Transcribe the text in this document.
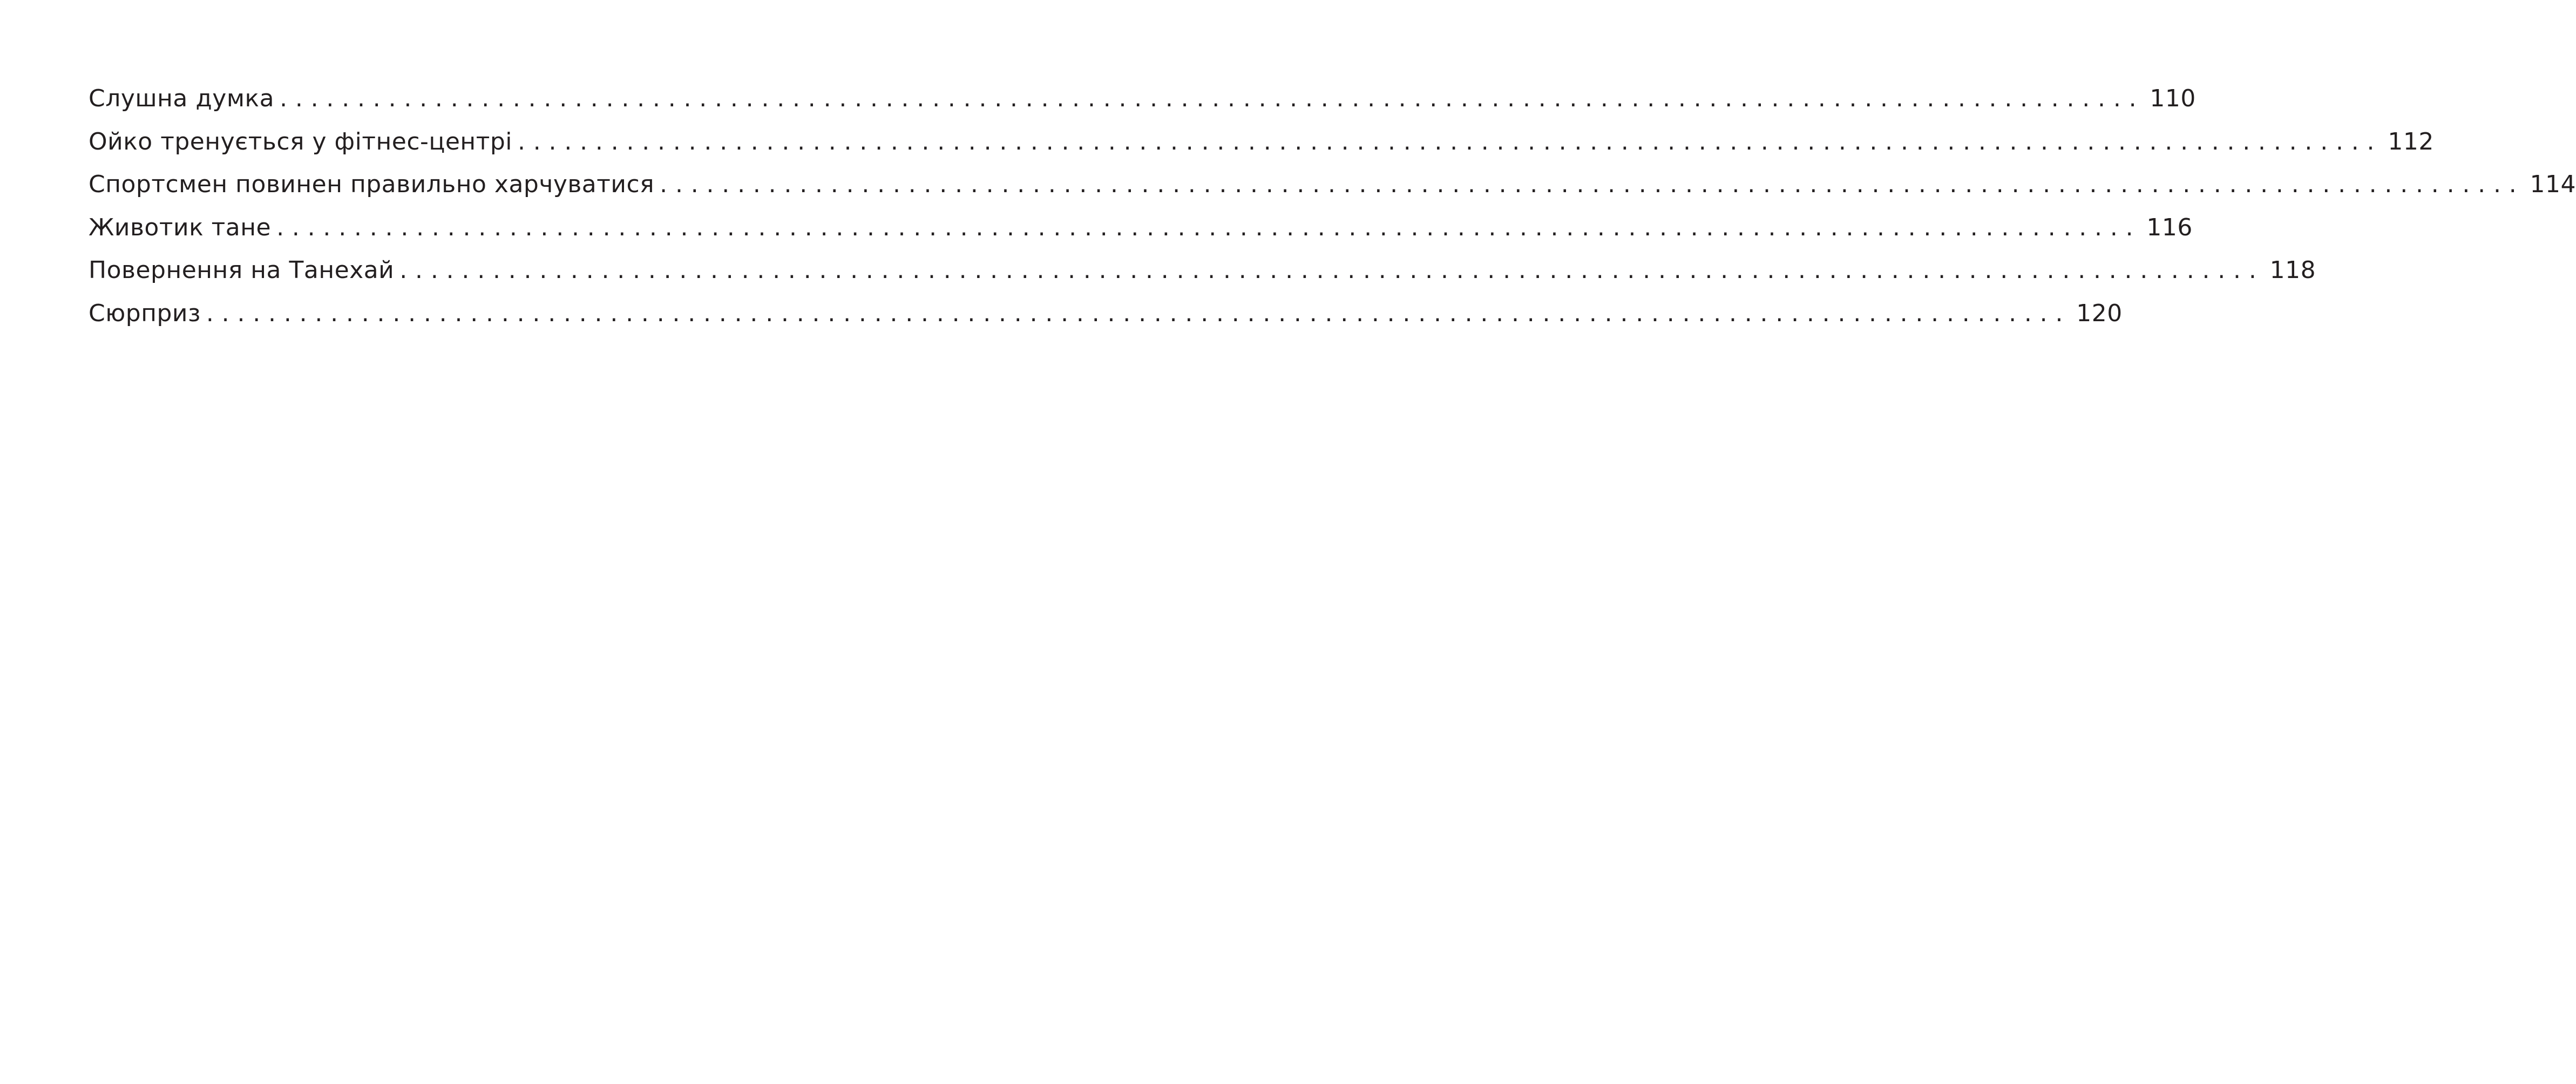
Слушна думка ........................................................................................................................ 110
Ойко тренується у фітнес-центрі ........................................................................................................................ 112
Спортсмен повинен правильно харчуватися ........................................................................................................................ 114
Животик тане ........................................................................................................................ 116
Повернення на Танехай ........................................................................................................................ 118
Сюрприз ........................................................................................................................ 120
